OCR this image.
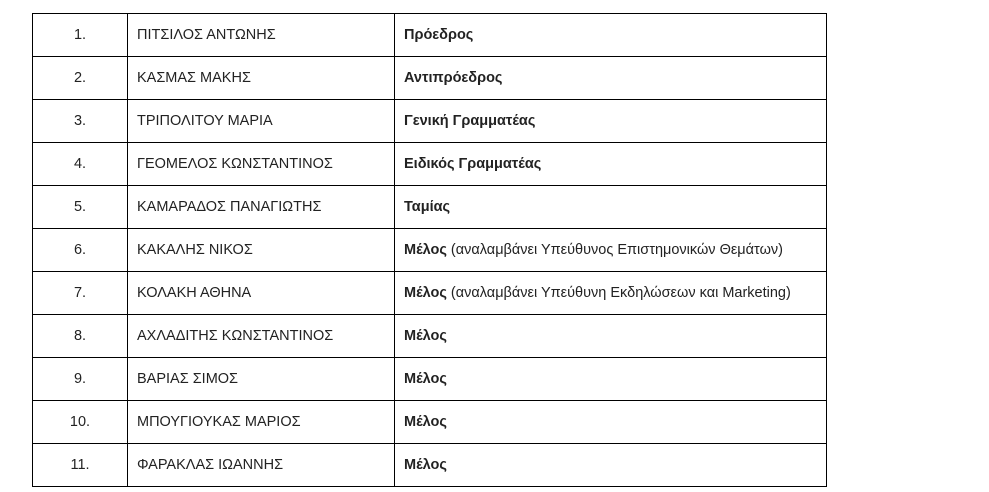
1.	ΠΙΤΣΙΛΟΣ ΑΝΤΩΝΗΣ	Πρόεδρος
2.	ΚΑΣΜΑΣ ΜΑΚΗΣ	Αντιπρόεδρος
3.	ΤΡΙΠΟΛΙΤΟΥ ΜΑΡΙΑ	Γενική Γραμματέας
4.	ΓΕΟΜΕΛΟΣ ΚΩΝΣΤΑΝΤΙΝΟΣ	Ειδικός Γραμματέας
5.	ΚΑΜΑΡΑΔΟΣ ΠΑΝΑΓΙΩΤΗΣ	Ταμίας
6.	ΚΑΚΑΛΗΣ ΝΙΚΟΣ	Μέλος (αναλαμβάνει Υπεύθυνος Επιστημονικών Θεμάτων)
7.	ΚΟΛΑΚΗ ΑΘΗΝΑ	Μέλος (αναλαμβάνει Υπεύθυνη Εκδηλώσεων και Marketing)
8.	ΑΧΛΑΔΙΤΗΣ ΚΩΝΣΤΑΝΤΙΝΟΣ	Μέλος
9.	ΒΑΡΙΑΣ ΣΙΜΟΣ	Μέλος
10.	ΜΠΟΥΓΙΟΥΚΑΣ ΜΑΡΙΟΣ	Μέλος
11.	ΦΑΡΑΚΛΑΣ ΙΩΑΝΝΗΣ	Μέλος
